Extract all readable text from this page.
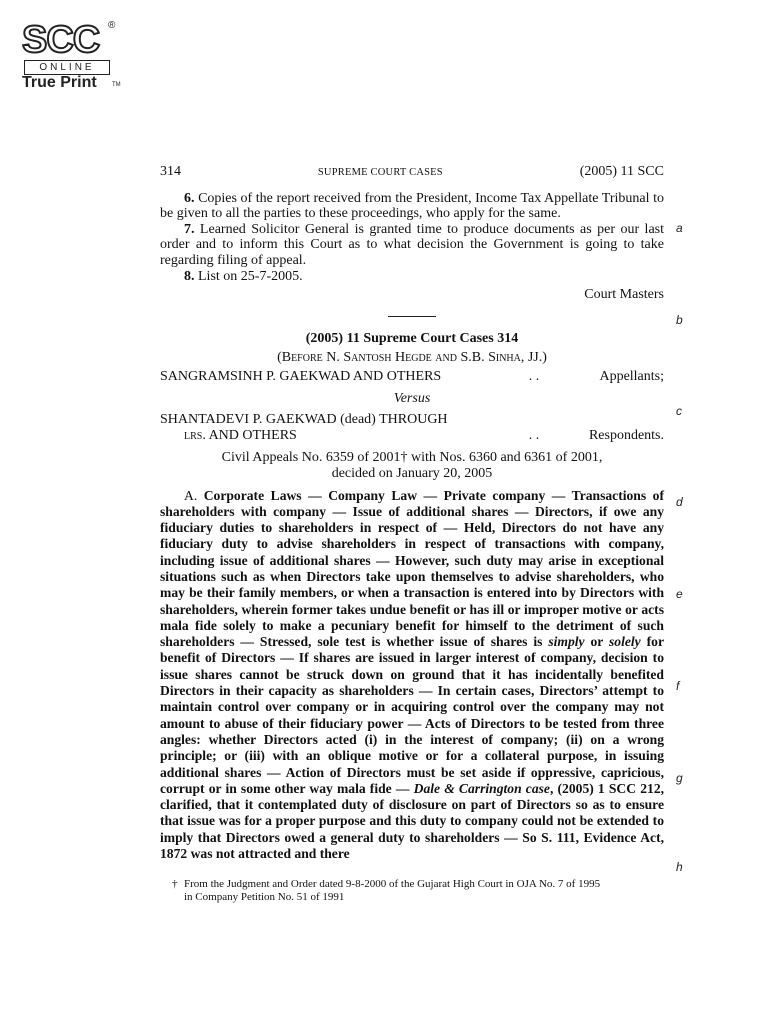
SCC ®
ONLINE
True Print	TM
314	SUPREME COURT CASES	(2005) 11 SCC

6. Copies of the report received from the President, Income Tax Appellate Tribunal to be given to all the parties to these proceedings, who apply for the same.

7. Learned Solicitor General is granted time to produce documents as per our last order and to inform this Court as to what decision the Government is going to take regarding filing of appeal.

8. List on 25-7-2005.

Court Masters

(2005) 11 Supreme Court Cases 314

(Before N. Santosh Hegde and S.B. Sinha, JJ.)

SANGRAMSINH P. GAEKWAD AND OTHERS	. .	Appellants;

Versus

SHANTADEVI P. GAEKWAD (dead) THROUGH
lrs. AND OTHERS	. .	Respondents.

Civil Appeals No. 6359 of 2001† with Nos. 6360 and 6361 of 2001,

decided on January 20, 2005

A. Corporate Laws — Company Law — Private company — Transactions of shareholders with company — Issue of additional shares — Directors, if owe any fiduciary duties to shareholders in respect of — Held, Directors do not have any fiduciary duty to advise shareholders in respect of transactions with company, including issue of additional shares — However, such duty may arise in exceptional situations such as when Directors take upon themselves to advise shareholders, who may be their family members, or when a transaction is entered into by Directors with shareholders, wherein former takes undue benefit or has ill or improper motive or acts mala fide solely to make a pecuniary benefit for himself to the detriment of such shareholders — Stressed, sole test is whether issue of shares is simply or solely for benefit of Directors — If shares are issued in larger interest of company, decision to issue shares cannot be struck down on ground that it has incidentally benefited Directors in their capacity as shareholders — In certain cases, Directors’ attempt to maintain control over company or in acquiring control over the company may not amount to abuse of their fiduciary power — Acts of Directors to be tested from three angles: whether Directors acted (i) in the interest of company; (ii) on a wrong principle; or (iii) with an oblique motive or for a collateral purpose, in issuing additional shares — Action of Directors must be set aside if oppressive, capricious, corrupt or in some other way mala fide — Dale & Carrington case, (2005) 1 SCC 212, clarified, that it contemplated duty of disclosure on part of Directors so as to ensure that issue was for a proper purpose and this duty to company could not be extended to imply that Directors owed a general duty to shareholders — So S. 111, Evidence Act, 1872 was not attracted and there

† From the Judgment and Order dated 9-8-2000 of the Gujarat High Court in OJA No. 7 of 1995
in Company Petition No. 51 of 1991
a
b
c
d
e
f
g
h
